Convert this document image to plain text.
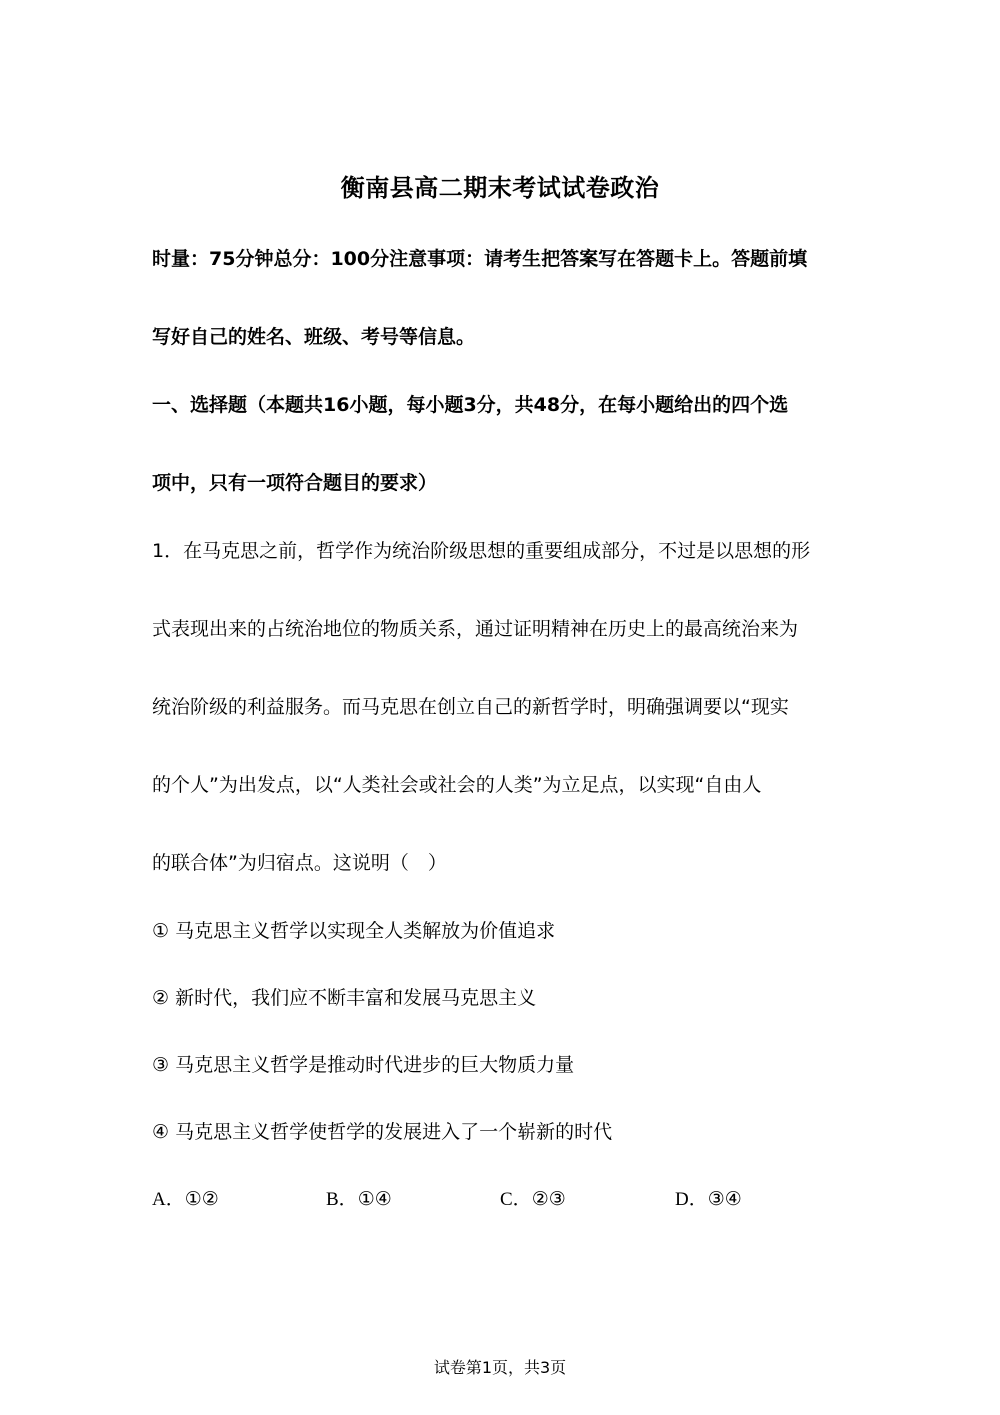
衡南县高二期末考试试卷政治
时量：75分钟总分：100分注意事项：请考生把答案写在答题卡上。答题前填
写好自己的姓名、班级、考号等信息。
一、选择题（本题共16小题，每小题3分，共48分，在每小题给出的四个选
项中，只有一项符合题目的要求）
1．在马克思之前，哲学作为统治阶级思想的重要组成部分，不过是以思想的形
式表现出来的占统治地位的物质关系，通过证明精神在历史上的最高统治来为
统治阶级的利益服务。而马克思在创立自己的新哲学时，明确强调要以“现实
的个人”为出发点，以“人类社会或社会的人类”为立足点，以实现“自由人
的联合体”为归宿点。这说明（　）
① 马克思主义哲学以实现全人类解放为价值追求
② 新时代，我们应不断丰富和发展马克思主义
③ 马克思主义哲学是推动时代进步的巨大物质力量
④ 马克思主义哲学使哲学的发展进入了一个崭新的时代
A．①②	B．①④	C．②③	D．③④
试卷第1页，共3页
